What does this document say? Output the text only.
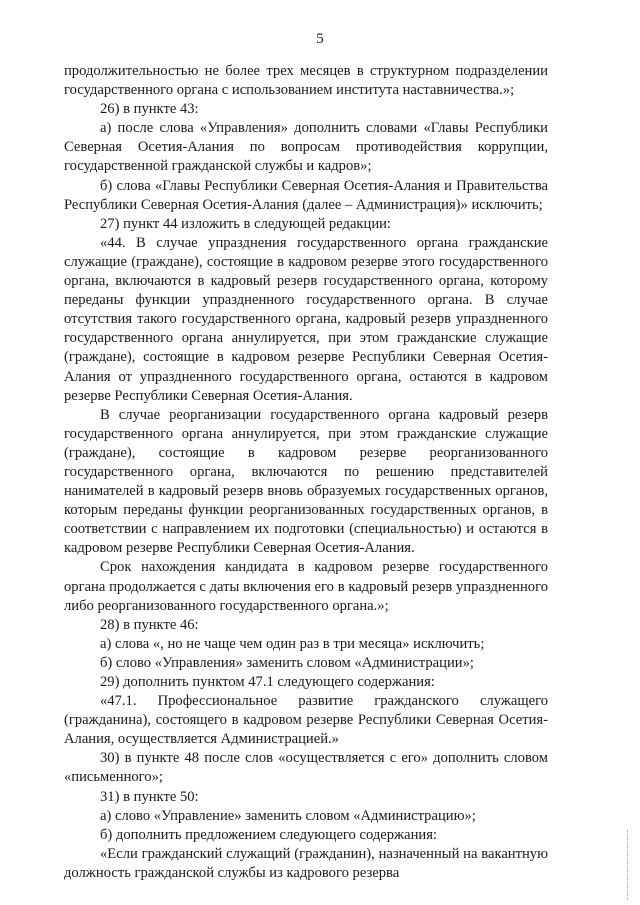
5

продолжительностью не более трех месяцев в структурном подразделении государственного органа с использованием института наставничества.»;

26) в пункте 43:

а) после слова «Управления» дополнить словами «Главы Республики Северная Осетия-Алания по вопросам противодействия коррупции, государственной гражданской службы и кадров»;

б) слова «Главы Республики Северная Осетия-Алания и Правительства Республики Северная Осетия-Алания (далее – Администрация)» исключить;

27) пункт 44 изложить в следующей редакции:

«44. В случае упразднения государственного органа гражданские служащие (граждане), состоящие в кадровом резерве этого государственного органа, включаются в кадровый резерв государственного органа, которому переданы функции упраздненного государственного органа. В случае отсутствия такого государственного органа, кадровый резерв упраздненного государственного органа аннулируется, при этом гражданские служащие (граждане), состоящие в кадровом резерве Республики Северная Осетия-Алания от упраздненного государственного органа, остаются в кадровом резерве Республики Северная Осетия-Алания.

В случае реорганизации государственного органа кадровый резерв государственного органа аннулируется, при этом гражданские служащие (граждане), состоящие в кадровом резерве реорганизованного государственного органа, включаются по решению представителей нанимателей в кадровый резерв вновь образуемых государственных органов, которым переданы функции реорганизованных государственных органов, в соответствии с направлением их подготовки (специальностью) и остаются в кадровом резерве Республики Северная Осетия-Алания.

Срок нахождения кандидата в кадровом резерве государственного органа продолжается с даты включения его в кадровый резерв упраздненного либо реорганизованного государственного органа.»;

28) в пункте 46:

а) слова «, но не чаще чем один раз в три месяца» исключить;

б) слово «Управления» заменить словом «Администрации»;

29) дополнить пунктом 47.1 следующего содержания:

«47.1. Профессиональное развитие гражданского служащего (гражданина), состоящего в кадровом резерве Республики Северная Осетия-Алания, осуществляется Администрацией.»

30) в пункте 48 после слов «осуществляется с его» дополнить словом «письменного»;

31) в пункте 50:

а) слово «Управление» заменить словом «Администрацию»;

б) дополнить предложением следующего содержания:

«Если гражданский служащий (гражданин), назначенный на вакантную должность гражданской службы из кадрового резерва
